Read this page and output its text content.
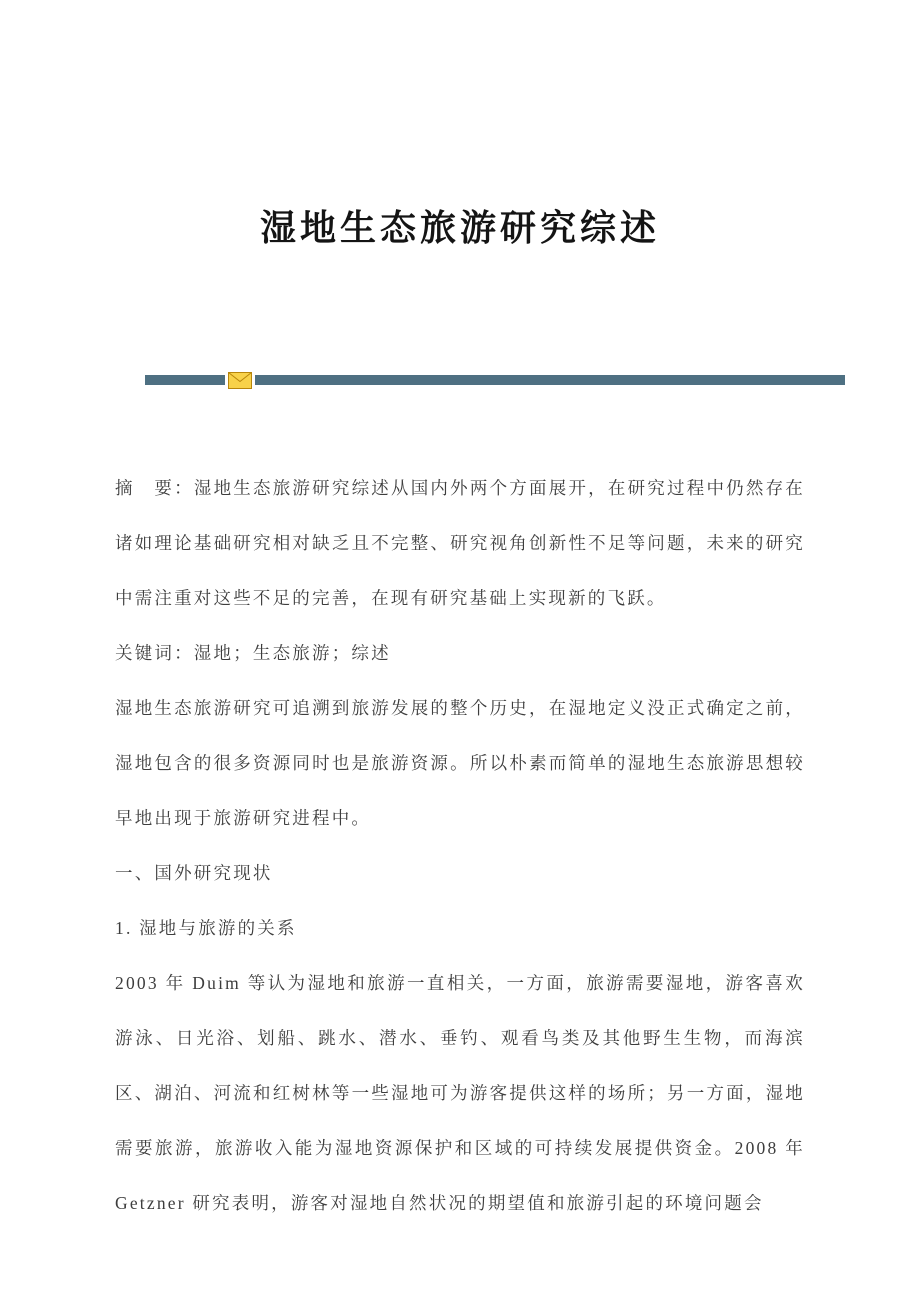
湿地生态旅游研究综述

摘　要：湿地生态旅游研究综述从国内外两个方面展开，在研究过程中仍然存在诸如理论基础研究相对缺乏且不完整、研究视角创新性不足等问题，未来的研究中需注重对这些不足的完善，在现有研究基础上实现新的飞跃。

关键词：湿地；生态旅游；综述

湿地生态旅游研究可追溯到旅游发展的整个历史，在湿地定义没正式确定之前，湿地包含的很多资源同时也是旅游资源。所以朴素而简单的湿地生态旅游思想较早地出现于旅游研究进程中。

一、国外研究现状

1. 湿地与旅游的关系

2003 年 Duim 等认为湿地和旅游一直相关，一方面，旅游需要湿地，游客喜欢游泳、日光浴、划船、跳水、潜水、垂钓、观看鸟类及其他野生生物，而海滨区、湖泊、河流和红树林等一些湿地可为游客提供这样的场所；另一方面，湿地需要旅游，旅游收入能为湿地资源保护和区域的可持续发展提供资金。2008 年 Getzner 研究表明，游客对湿地自然状况的期望值和旅游引起的环境问题会
